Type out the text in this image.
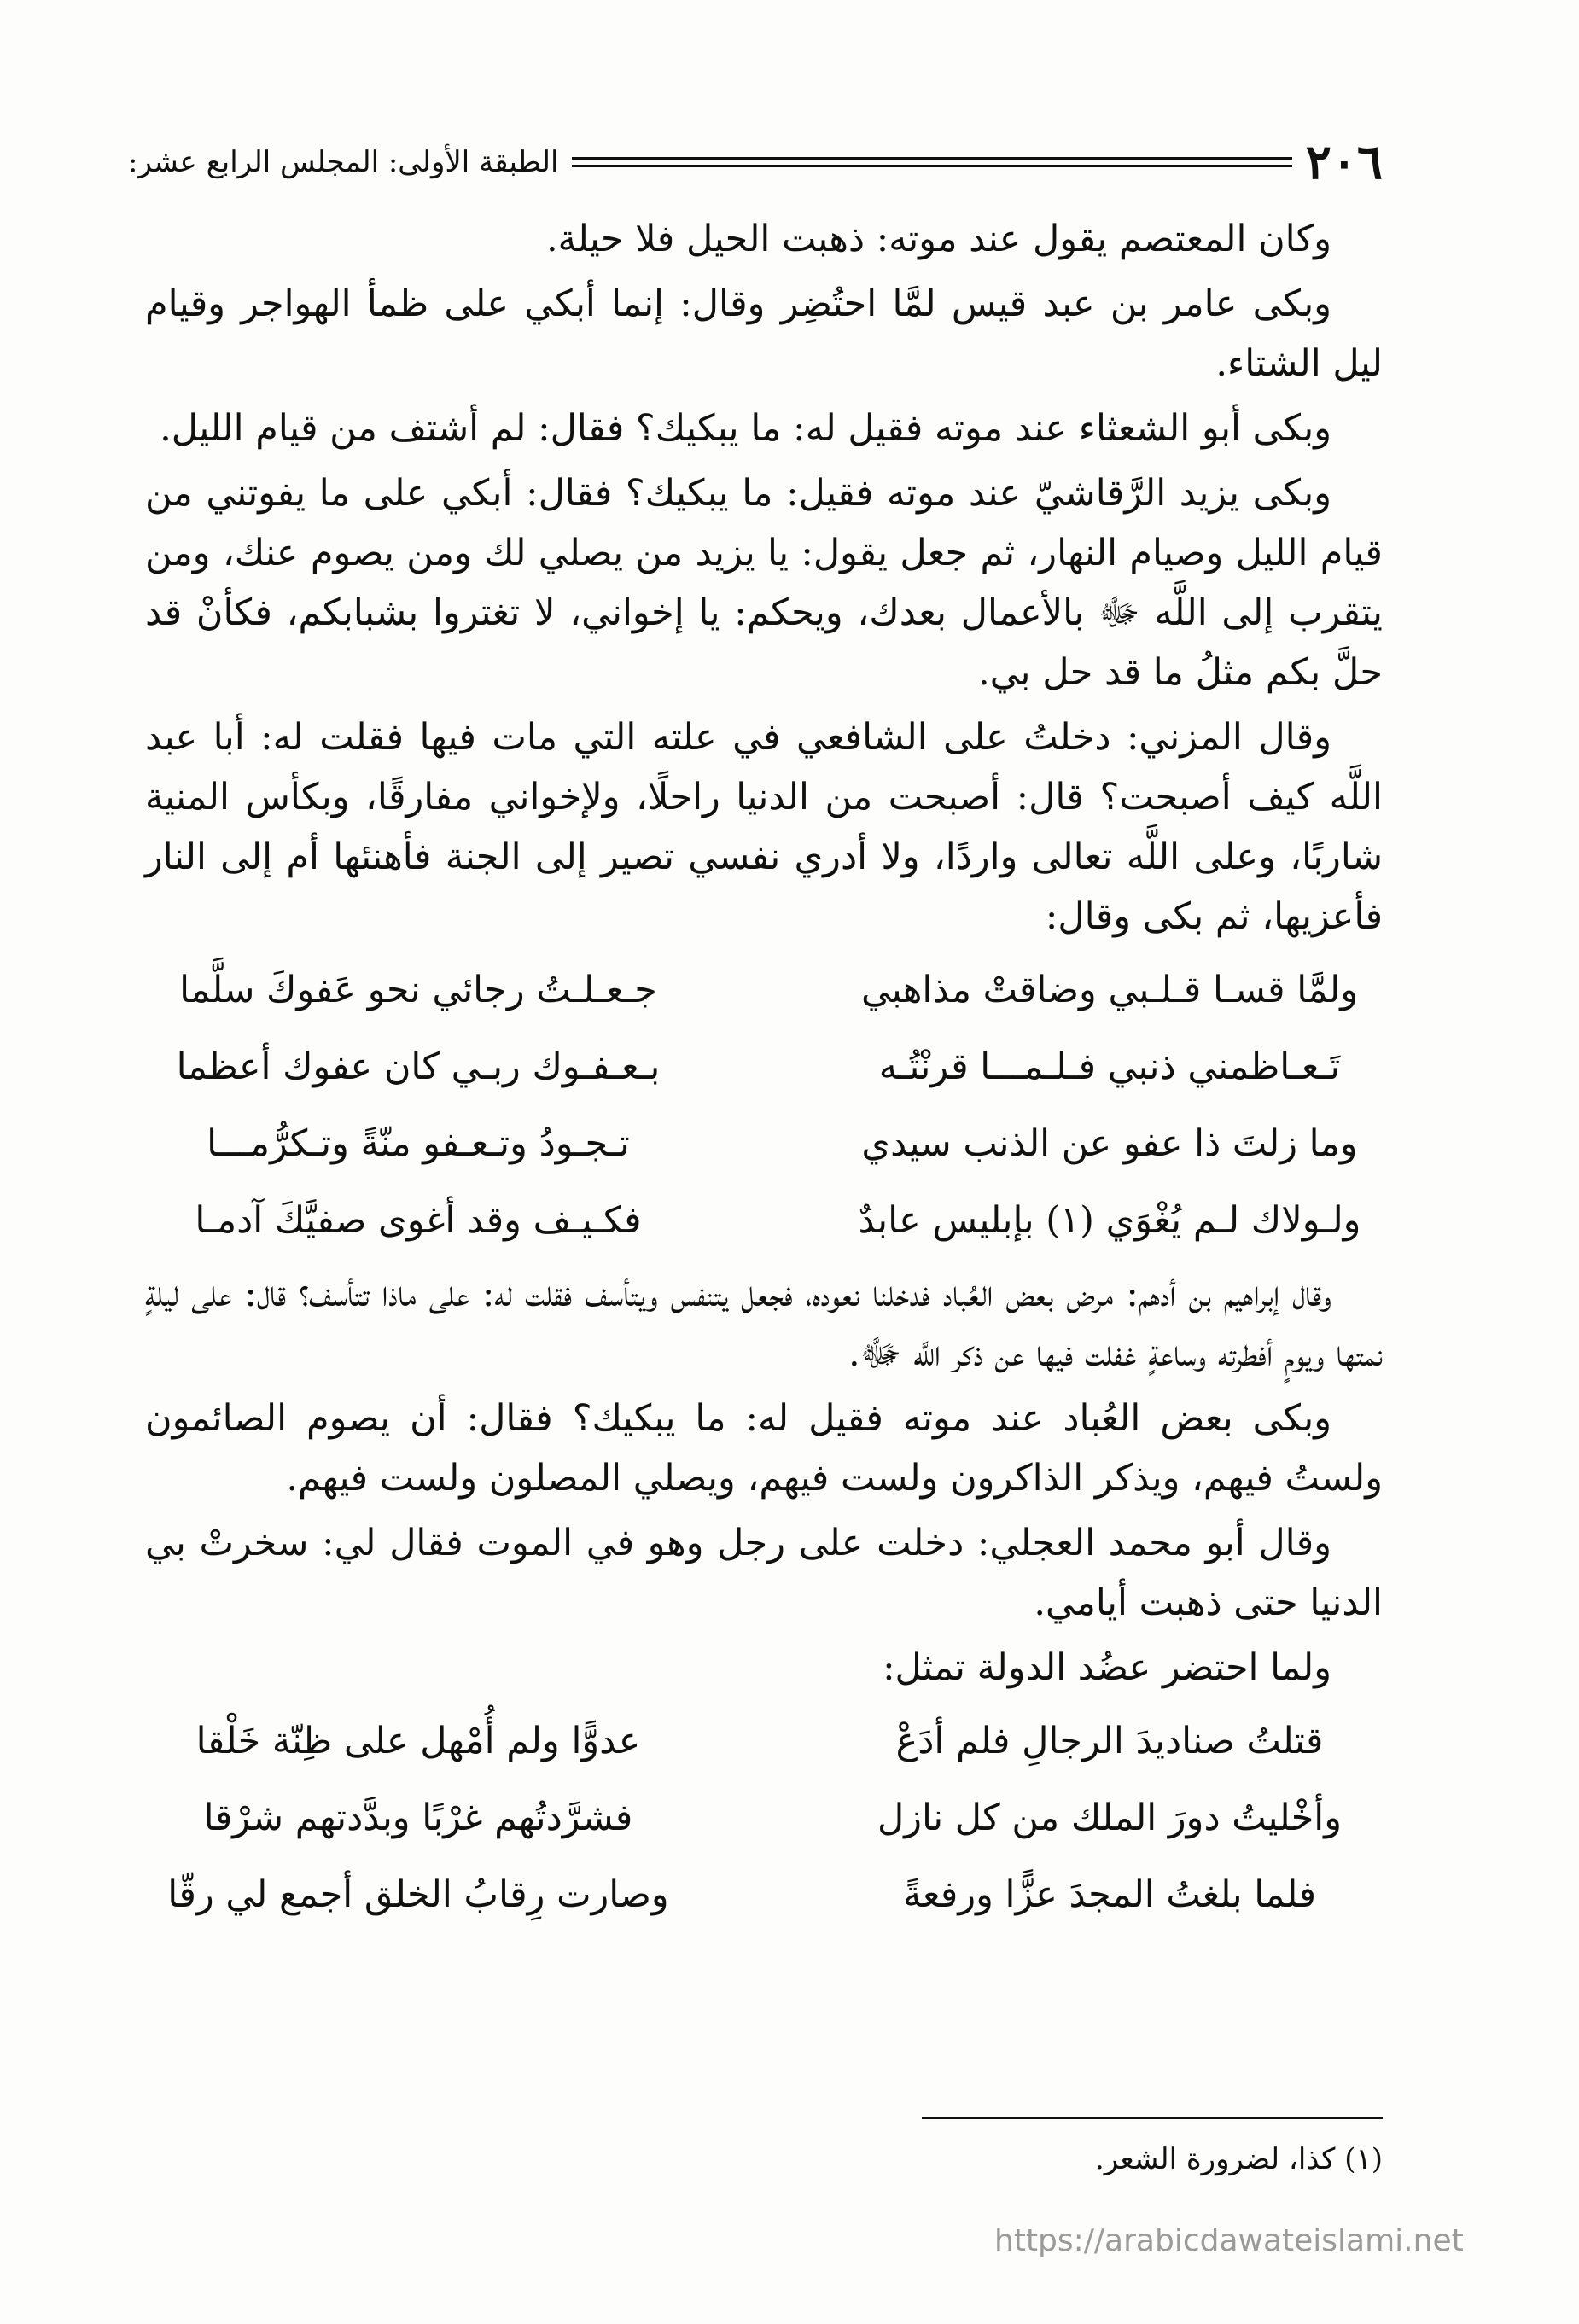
٢٠٦
الطبقة الأولى: المجلس الرابع عشر:

وكان المعتصم يقول عند موته: ذهبت الحيل فلا حيلة.

وبكى عامر بن عبد قيس لمَّا احتُضِر وقال: إنما أبكي على ظمأ الهواجر وقيام ليل الشتاء.

وبكى أبو الشعثاء عند موته فقيل له: ما يبكيك؟ فقال: لم أشتف من قيام الليل.

وبكى يزيد الرَّقاشيّ عند موته فقيل: ما يبكيك؟ فقال: أبكي على ما يفوتني من قيام الليل وصيام النهار، ثم جعل يقول: يا يزيد من يصلي لك ومن يصوم عنك، ومن يتقرب إلى اللَّه ﷻ بالأعمال بعدك، ويحكم: يا إخواني، لا تغتروا بشبابكم، فكأنْ قد حلَّ بكم مثلُ ما قد حل بي.

وقال المزني: دخلتُ على الشافعي في علته التي مات فيها فقلت له: أبا عبد اللَّه كيف أصبحت؟ قال: أصبحت من الدنيا راحلًا، ولإخواني مفارقًا، وبكأس المنية شاربًا، وعلى اللَّه تعالى واردًا، ولا أدري نفسي تصير إلى الجنة فأهنئها أم إلى النار فأعزيها، ثم بكى وقال:

ولمَّا قسـا قـلـبي وضاقتْ مذاهبي
جـعـلـتُ رجائي نحو عَفوكَ سلَّما
تَـعـاظمني ذنبي فـلـمـــا قرنْتُـه
بـعـفـوك ربـي كان عفوك أعظما
وما زلتَ ذا عفو عن الذنب سيدي
تـجـودُ وتـعـفو منّةً وتـكرُّمـــا
ولـولاك لـم يُغْوَي (١) بإبليس عابدٌ
فكـيـف وقد أغوى صفيَّكَ آدمـا

وقال إبراهيم بن أدهم: مرض بعض العُباد فدخلنا نعوده، فجعل يتنفس ويتأسف فقلت له: على ماذا تتأسف؟ قال: على ليلةٍ نمتها ويومٍ أفطرته وساعةٍ غفلت فيها عن ذكر اللَّه ﷻ.

وبكى بعض العُباد عند موته فقيل له: ما يبكيك؟ فقال: أن يصوم الصائمون ولستُ فيهم، ويذكر الذاكرون ولست فيهم، ويصلي المصلون ولست فيهم.

وقال أبو محمد العجلي: دخلت على رجل وهو في الموت فقال لي: سخرتْ بي الدنيا حتى ذهبت أيامي.

ولما احتضر عضُد الدولة تمثل:

قتلتُ صناديدَ الرجالِ فلم أدَعْ
عدوًّا ولم أُمْهل على ظِنّة خَلْقا
وأخْليتُ دورَ الملك من كل نازل
فشرَّدتُهم غرْبًا وبدَّدتهم شرْقا
فلما بلغتُ المجدَ عزًّا ورفعةً
وصارت رِقابُ الخلق أجمع لي رقّا
(١) كذا، لضرورة الشعر.
https://arabicdawateislami.net
